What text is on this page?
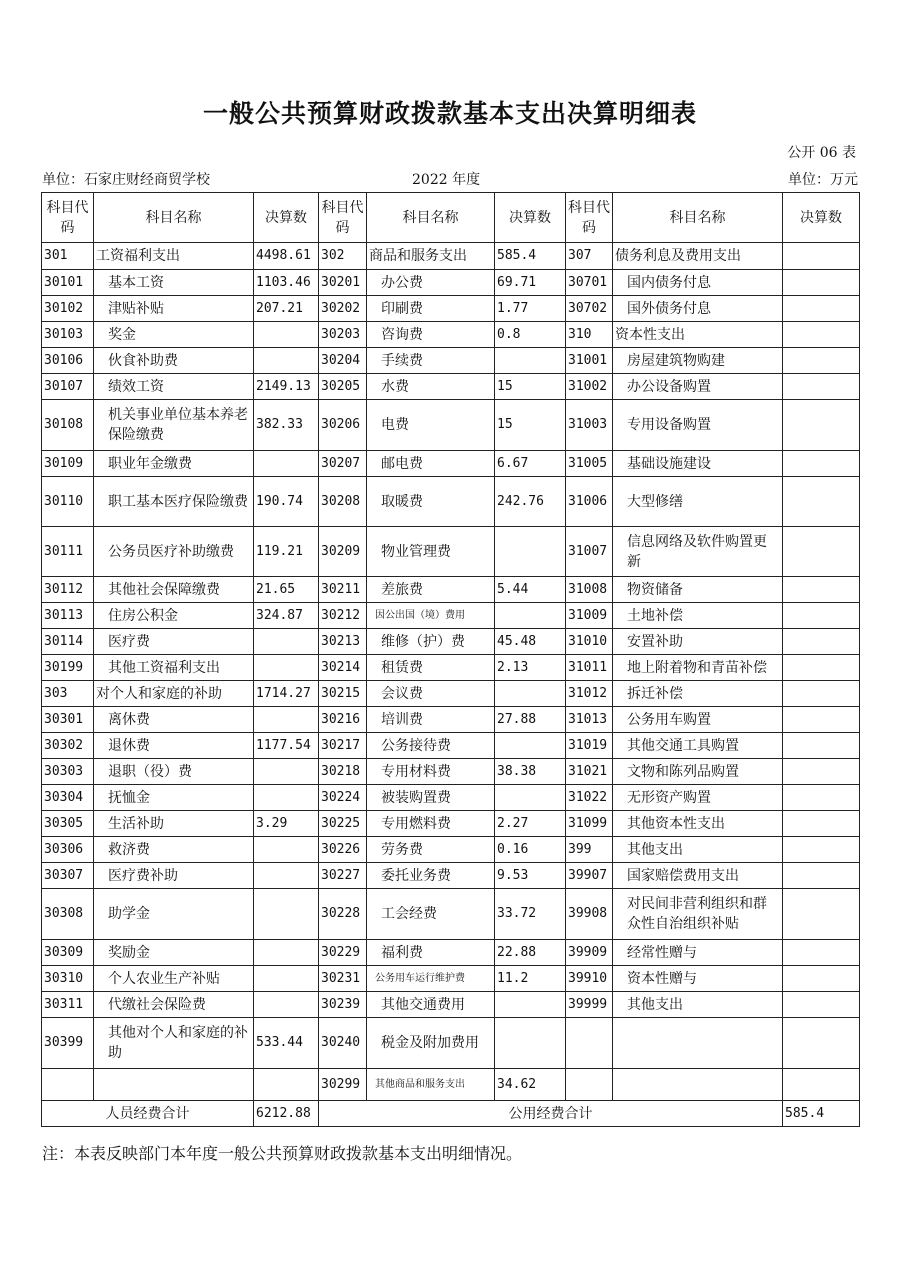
一般公共预算财政拨款基本支出决算明细表
公开 06 表
单位：石家庄财经商贸学校	2022 年度	单位：万元
科目代码	科目名称	决算数	科目代码	科目名称	决算数	科目代码	科目名称	决算数
301	工资福利支出	4498.61	302	商品和服务支出	585.4	307	债务利息及费用支出	
30101	基本工资	1103.46	30201	办公费	69.71	30701	国内债务付息	
30102	津贴补贴	207.21	30202	印刷费	1.77	30702	国外债务付息	
30103	奖金		30203	咨询费	0.8	310	资本性支出	
30106	伙食补助费		30204	手续费		31001	房屋建筑物购建	
30107	绩效工资	2149.13	30205	水费	15	31002	办公设备购置	
30108	机关事业单位基本养老保险缴费	382.33	30206	电费	15	31003	专用设备购置	
30109	职业年金缴费		30207	邮电费	6.67	31005	基础设施建设	
30110	职工基本医疗保险缴费	190.74	30208	取暖费	242.76	31006	大型修缮	
30111	公务员医疗补助缴费	119.21	30209	物业管理费		31007	信息网络及软件购置更新	
30112	其他社会保障缴费	21.65	30211	差旅费	5.44	31008	物资储备	
30113	住房公积金	324.87	30212	因公出国（境）费用		31009	土地补偿	
30114	医疗费		30213	维修（护）费	45.48	31010	安置补助	
30199	其他工资福利支出		30214	租赁费	2.13	31011	地上附着物和青苗补偿	
303	对个人和家庭的补助	1714.27	30215	会议费		31012	拆迁补偿	
30301	离休费		30216	培训费	27.88	31013	公务用车购置	
30302	退休费	1177.54	30217	公务接待费		31019	其他交通工具购置	
30303	退职（役）费		30218	专用材料费	38.38	31021	文物和陈列品购置	
30304	抚恤金		30224	被装购置费		31022	无形资产购置	
30305	生活补助	3.29	30225	专用燃料费	2.27	31099	其他资本性支出	
30306	救济费		30226	劳务费	0.16	399	其他支出	
30307	医疗费补助		30227	委托业务费	9.53	39907	国家赔偿费用支出	
30308	助学金		30228	工会经费	33.72	39908	对民间非营利组织和群众性自治组织补贴	
30309	奖励金		30229	福利费	22.88	39909	经常性赠与	
30310	个人农业生产补贴		30231	公务用车运行维护费	11.2	39910	资本性赠与	
30311	代缴社会保险费		30239	其他交通费用		39999	其他支出	
30399	其他对个人和家庭的补助	533.44	30240	税金及附加费用				
			30299	其他商品和服务支出	34.62			
人员经费合计		6212.88	公用经费合计					585.4
注：本表反映部门本年度一般公共预算财政拨款基本支出明细情况。
